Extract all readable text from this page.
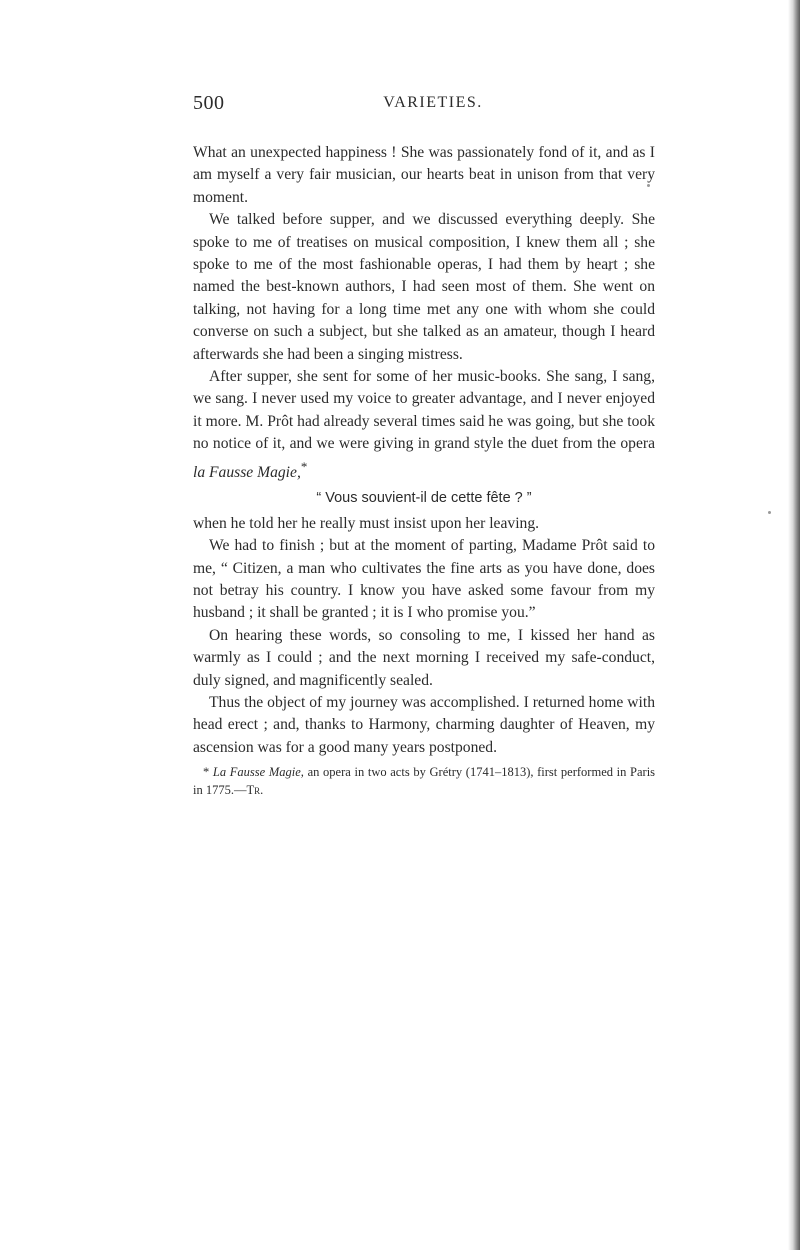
500	VARIETIES.

What an unexpected happiness ! She was passionately fond of it, and as I am myself a very fair musician, our hearts beat in unison from that very moment.

We talked before supper, and we discussed everything deeply. She spoke to me of treatises on musical composition, I knew them all ; she spoke to me of the most fashionable operas, I had them by heart ; she named the best-known authors, I had seen most of them. She went on talking, not having for a long time met any one with whom she could converse on such a subject, but she talked as an amateur, though I heard afterwards she had been a singing mistress.

After supper, she sent for some of her music-books. She sang, I sang, we sang. I never used my voice to greater advantage, and I never enjoyed it more. M. Prôt had already several times said he was going, but she took no notice of it, and we were giving in grand style the duet from the opera la Fausse Magie,*

“ Vous souvient-il de cette fête ? ”

when he told her he really must insist upon her leaving.

We had to finish ; but at the moment of parting, Madame Prôt said to me, “ Citizen, a man who cultivates the fine arts as you have done, does not betray his country. I know you have asked some favour from my husband ; it shall be granted ; it is I who promise you.”

On hearing these words, so consoling to me, I kissed her hand as warmly as I could ; and the next morning I received my safe-conduct, duly signed, and magnificently sealed.

Thus the object of my journey was accomplished. I returned home with head erect ; and, thanks to Harmony, charming daughter of Heaven, my ascension was for a good many years postponed.

* La Fausse Magie, an opera in two acts by Grétry (1741–1813), first performed in Paris in 1775.—Tr.
